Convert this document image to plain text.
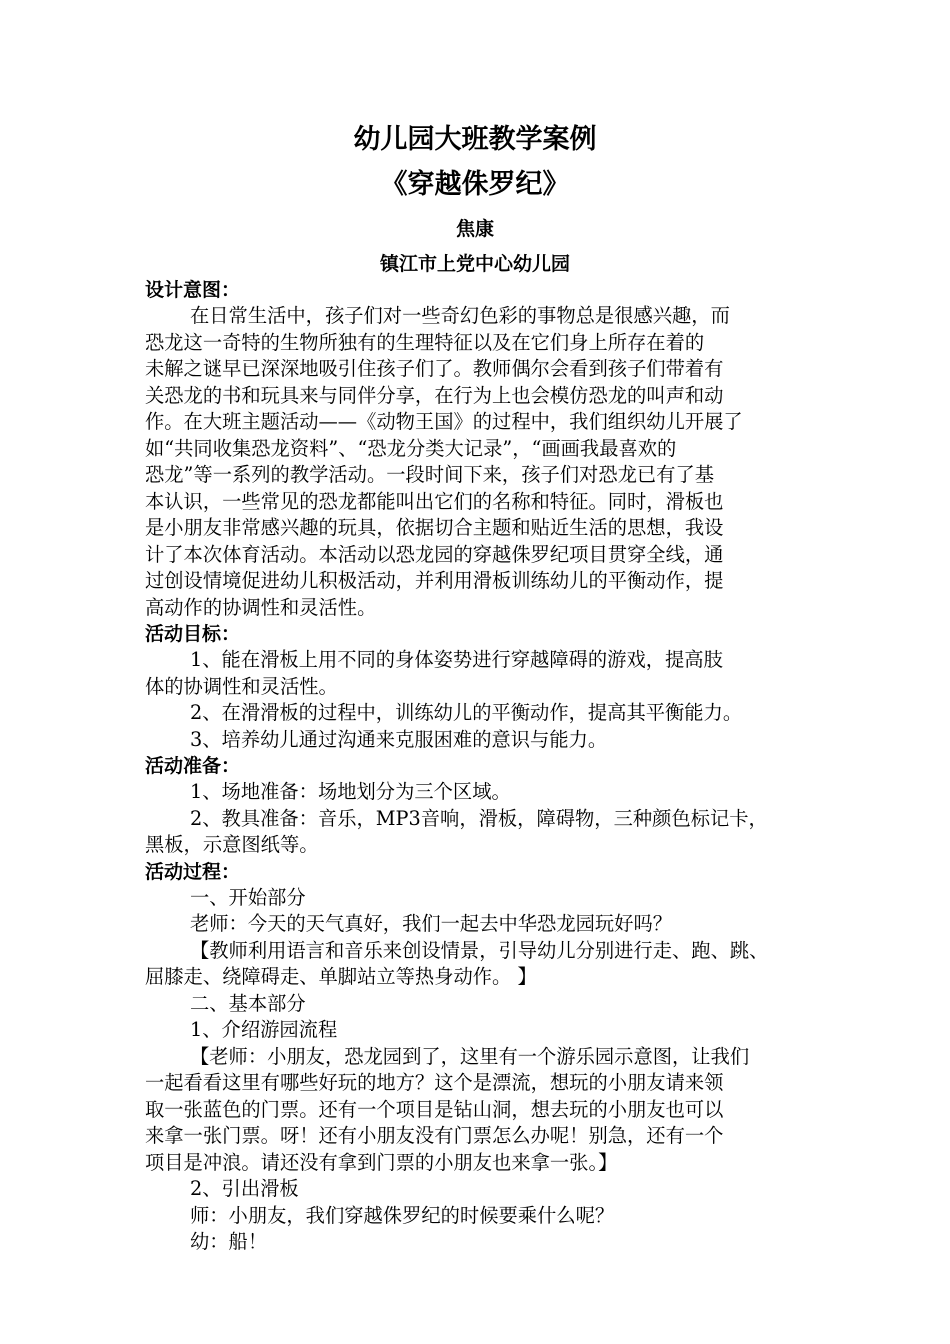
幼儿园大班教学案例
《穿越侏罗纪》
焦康
镇江市上党中心幼儿园
设计意图：
在日常生活中，孩子们对一些奇幻色彩的事物总是很感兴趣，而
恐龙这一奇特的生物所独有的生理特征以及在它们身上所存在着的
未解之谜早已深深地吸引住孩子们了。教师偶尔会看到孩子们带着有
关恐龙的书和玩具来与同伴分享，在行为上也会模仿恐龙的叫声和动
作。在大班主题活动——《动物王国》的过程中，我们组织幼儿开展了
如“共同收集恐龙资料”、“恐龙分类大记录”，“画画我最喜欢的
恐龙”等一系列的教学活动。一段时间下来，孩子们对恐龙已有了基
本认识，一些常见的恐龙都能叫出它们的名称和特征。同时，滑板也
是小朋友非常感兴趣的玩具，依据切合主题和贴近生活的思想，我设
计了本次体育活动。本活动以恐龙园的穿越侏罗纪项目贯穿全线，通
过创设情境促进幼儿积极活动，并利用滑板训练幼儿的平衡动作，提
高动作的协调性和灵活性。
活动目标：
1、能在滑板上用不同的身体姿势进行穿越障碍的游戏，提高肢
体的协调性和灵活性。
2、在滑滑板的过程中，训练幼儿的平衡动作，提高其平衡能力。
3、培养幼儿通过沟通来克服困难的意识与能力。
活动准备：
1、场地准备：场地划分为三个区域。
2、教具准备：音乐，MP3音响，滑板，障碍物，三种颜色标记卡，
黑板，示意图纸等。
活动过程：
一、开始部分
老师：今天的天气真好，我们一起去中华恐龙园玩好吗？
【教师利用语言和音乐来创设情景，引导幼儿分别进行走、跑、跳、
屈膝走、绕障碍走、单脚站立等热身动作。 】
二、基本部分
1、介绍游园流程
【老师：小朋友，恐龙园到了，这里有一个游乐园示意图，让我们
一起看看这里有哪些好玩的地方？这个是漂流，想玩的小朋友请来领
取一张蓝色的门票。还有一个项目是钻山洞，想去玩的小朋友也可以
来拿一张门票。呀！还有小朋友没有门票怎么办呢！别急，还有一个
项目是冲浪。请还没有拿到门票的小朋友也来拿一张。】
2、引出滑板
师：小朋友，我们穿越侏罗纪的时候要乘什么呢？
幼：船！
